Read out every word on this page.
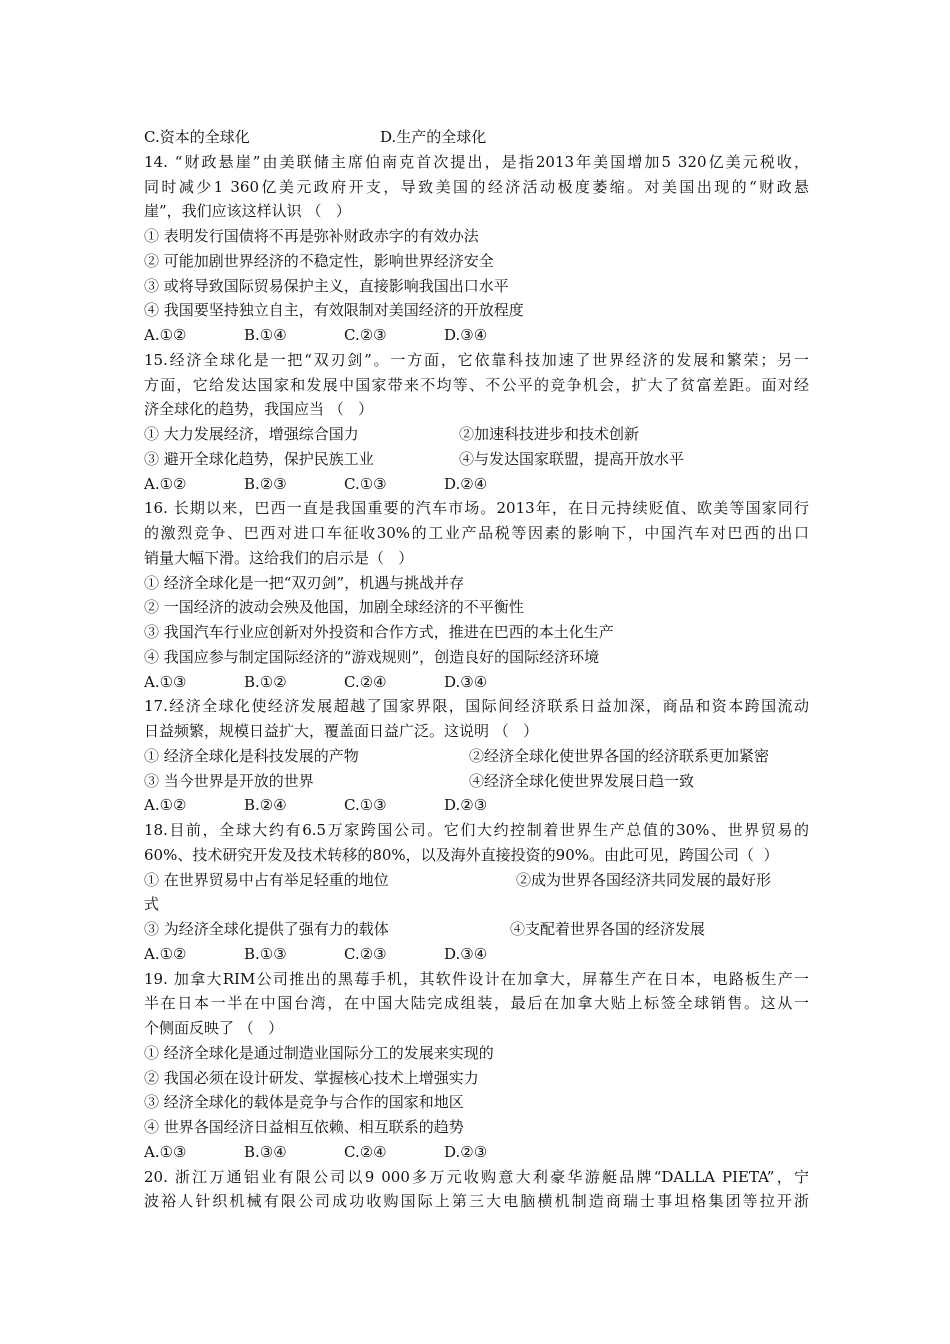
C.资本的全球化	D.生产的全球化
14. “财政悬崖”由美联储主席伯南克首次提出，是指2013年美国增加5 320亿美元税收，
同时减少1 360亿美元政府开支，导致美国的经济活动极度萎缩。对美国出现的“财政悬
崖”，我们应该这样认识 （   ）
① 表明发行国债将不再是弥补财政赤字的有效办法
② 可能加剧世界经济的不稳定性，影响世界经济安全
③ 或将导致国际贸易保护主义，直接影响我国出口水平
④ 我国要坚持独立自主，有效限制对美国经济的开放程度
A.①②	B.①④	C.②③	D.③④
15.经济全球化是一把“双刃剑”。一方面，它依靠科技加速了世界经济的发展和繁荣；另一
方面，它给发达国家和发展中国家带来不均等、不公平的竞争机会，扩大了贫富差距。面对经
济全球化的趋势，我国应当 （   ）
① 大力发展经济，增强综合国力	②加速科技进步和技术创新
③ 避开全球化趋势，保护民族工业	④与发达国家联盟，提高开放水平
A.①②	B.②③	C.①③	D.②④
16. 长期以来，巴西一直是我国重要的汽车市场。2013年，在日元持续贬值、欧美等国家同行
的激烈竞争、巴西对进口车征收30%的工业产品税等因素的影响下，中国汽车对巴西的出口
销量大幅下滑。这给我们的启示是（   ）
① 经济全球化是一把“双刃剑”，机遇与挑战并存
② 一国经济的波动会殃及他国，加剧全球经济的不平衡性
③ 我国汽车行业应创新对外投资和合作方式，推进在巴西的本土化生产
④ 我国应参与制定国际经济的“游戏规则”，创造良好的国际经济环境
A.①③	B.①②	C.②④	D.③④
17.经济全球化使经济发展超越了国家界限，国际间经济联系日益加深，商品和资本跨国流动
日益频繁，规模日益扩大，覆盖面日益广泛。这说明 （   ）
① 经济全球化是科技发展的产物	②经济全球化使世界各国的经济联系更加紧密
③ 当今世界是开放的世界	④经济全球化使世界发展日趋一致
A.①②	B.②④	C.①③	D.②③
18.目前，全球大约有6.5万家跨国公司。它们大约控制着世界生产总值的30%、世界贸易的
60%、技术研究开发及技术转移的80%，以及海外直接投资的90%。由此可见，跨国公司（  ）
① 在世界贸易中占有举足轻重的地位	②成为世界各国经济共同发展的最好形
式
③ 为经济全球化提供了强有力的载体	④支配着世界各国的经济发展
A.①②	B.①③	C.②③	D.③④
19. 加拿大RIM公司推出的黑莓手机，其软件设计在加拿大，屏幕生产在日本，电路板生产一
半在日本一半在中国台湾，在中国大陆完成组装，最后在加拿大贴上标签全球销售。这从一
个侧面反映了 （   ）
① 经济全球化是通过制造业国际分工的发展来实现的
② 我国必须在设计研发、掌握核心技术上增强实力
③ 经济全球化的载体是竞争与合作的国家和地区
④ 世界各国经济日益相互依赖、相互联系的趋势
A.①③	B.③④	C.②④	D.②③
20. 浙江万通铝业有限公司以9 000多万元收购意大利豪华游艇品牌“DALLA PIETA”，宁
波裕人针织机械有限公司成功收购国际上第三大电脑横机制造商瑞士事坦格集团等拉开浙
